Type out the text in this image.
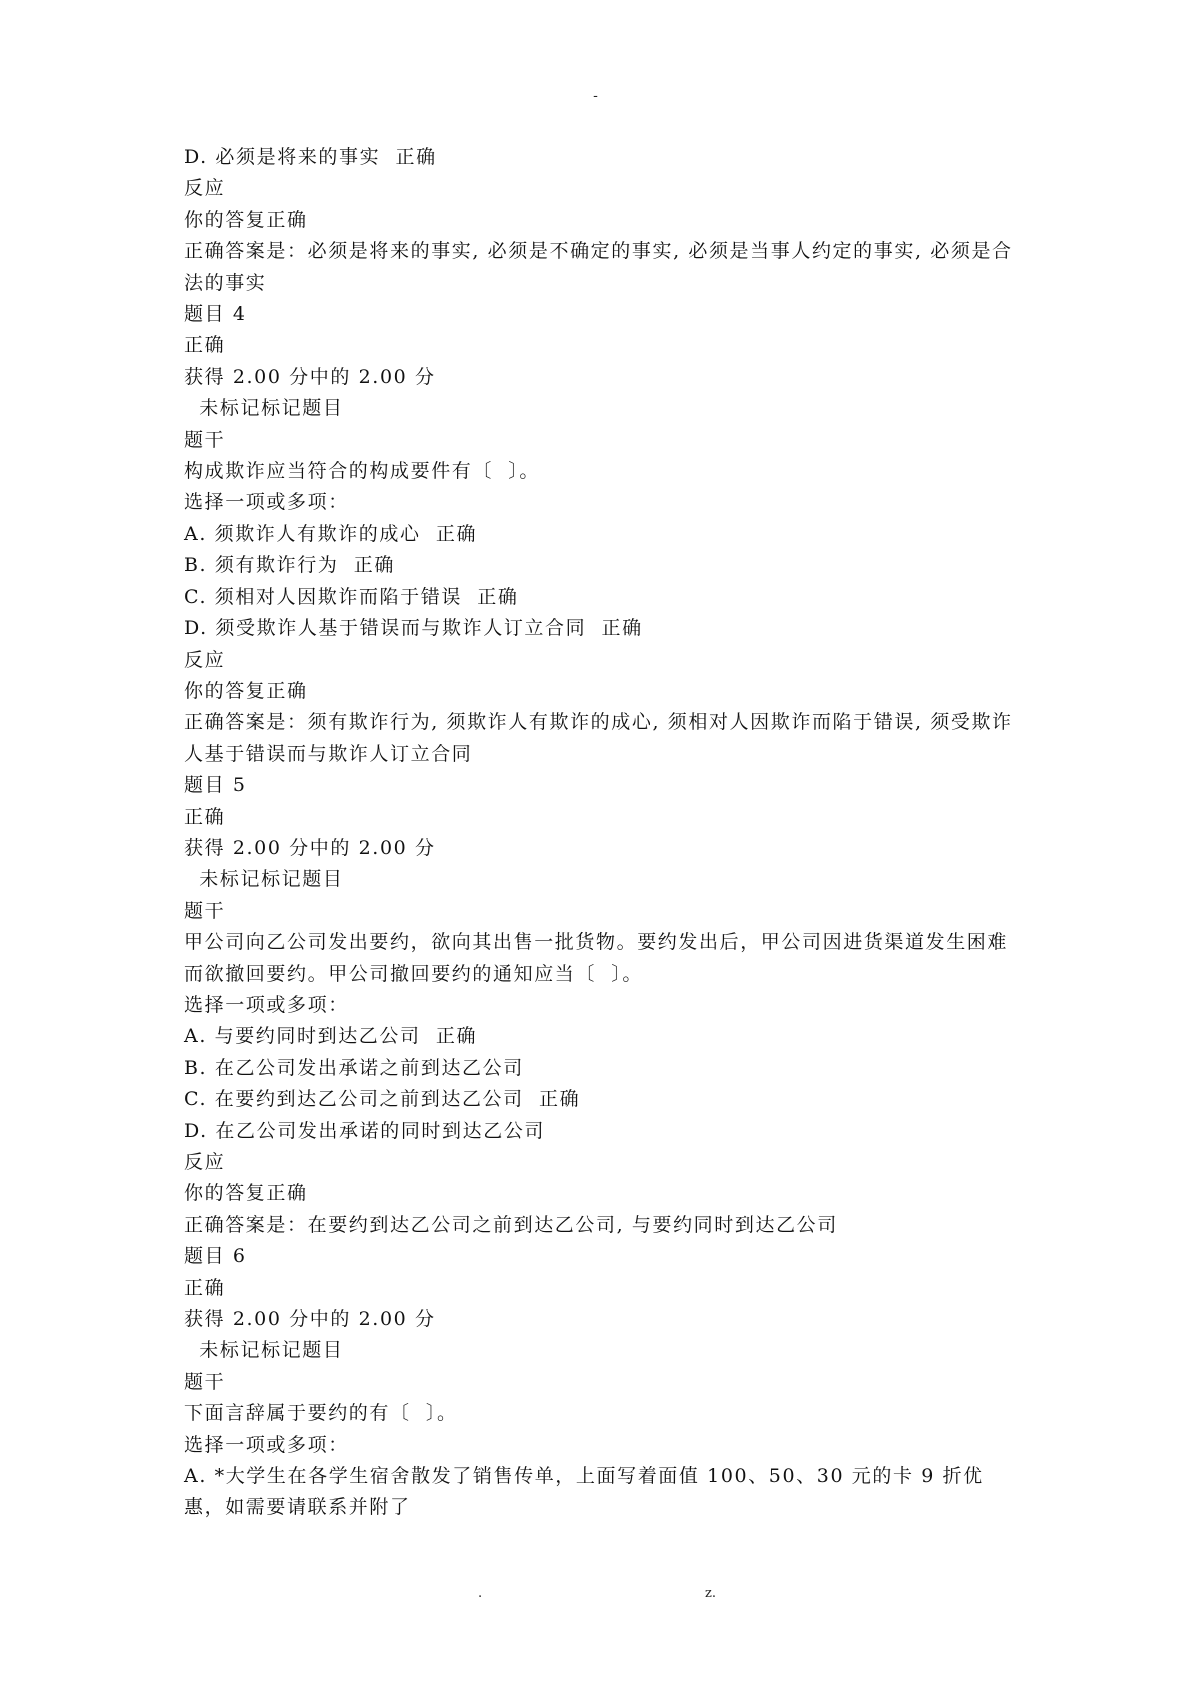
-
D. 必须是将来的事实  正确
反应
你的答复正确
正确答案是：必须是将来的事实, 必须是不确定的事实, 必须是当事人约定的事实, 必须是合法的事实
题目 4
正确
获得 2.00 分中的 2.00 分
未标记标记题目
题干
构成欺诈应当符合的构成要件有〔  〕。
选择一项或多项：
A. 须欺诈人有欺诈的成心  正确
B. 须有欺诈行为  正确
C. 须相对人因欺诈而陷于错误  正确
D. 须受欺诈人基于错误而与欺诈人订立合同  正确
反应
你的答复正确
正确答案是：须有欺诈行为, 须欺诈人有欺诈的成心, 须相对人因欺诈而陷于错误, 须受欺诈人基于错误而与欺诈人订立合同
题目 5
正确
获得 2.00 分中的 2.00 分
未标记标记题目
题干
甲公司向乙公司发出要约，欲向其出售一批货物。要约发出后，甲公司因进货渠道发生困难而欲撤回要约。甲公司撤回要约的通知应当〔  〕。
选择一项或多项：
A. 与要约同时到达乙公司  正确
B. 在乙公司发出承诺之前到达乙公司
C. 在要约到达乙公司之前到达乙公司  正确
D. 在乙公司发出承诺的同时到达乙公司
反应
你的答复正确
正确答案是：在要约到达乙公司之前到达乙公司, 与要约同时到达乙公司
题目 6
正确
获得 2.00 分中的 2.00 分
未标记标记题目
题干
下面言辞属于要约的有〔  〕。
选择一项或多项：
A. *大学生在各学生宿舍散发了销售传单，上面写着面值 100、50、30 元的卡 9 折优惠，如需要请联系并附了
.	z.
